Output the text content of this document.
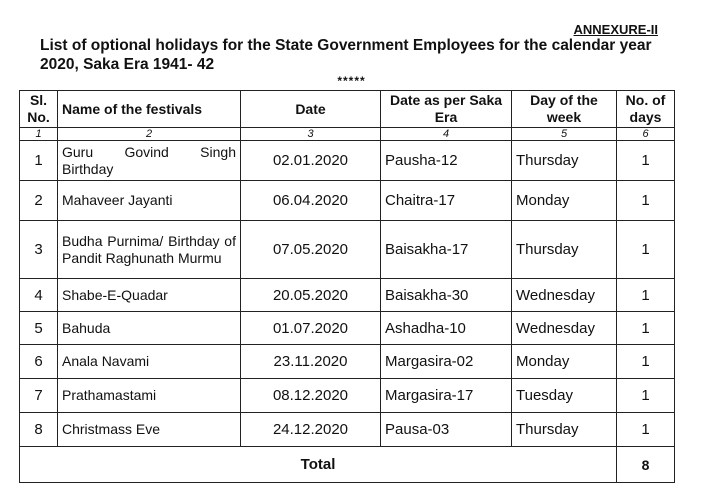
ANNEXURE-II
List of optional holidays for the State Government Employees for the calendar year 2020, Saka Era 1941- 42
*****
Sl. No.	Name of the festivals	Date	Date as per Saka Era	Day of the week	No. of days
1	2	3	4	5	6
1	Guru Govind Singh Birthday	02.01.2020	Pausha-12	Thursday	1
2	Mahaveer Jayanti	06.04.2020	Chaitra-17	Monday	1
3	Budha Purnima/ Birthday of Pandit Raghunath Murmu	07.05.2020	Baisakha-17	Thursday	1
4	Shabe-E-Quadar	20.05.2020	Baisakha-30	Wednesday	1
5	Bahuda	01.07.2020	Ashadha-10	Wednesday	1
6	Anala Navami	23.11.2020	Margasira-02	Monday	1
7	Prathamastami	08.12.2020	Margasira-17	Tuesday	1
8	Christmass Eve	24.12.2020	Pausa-03	Thursday	1
Total					8
